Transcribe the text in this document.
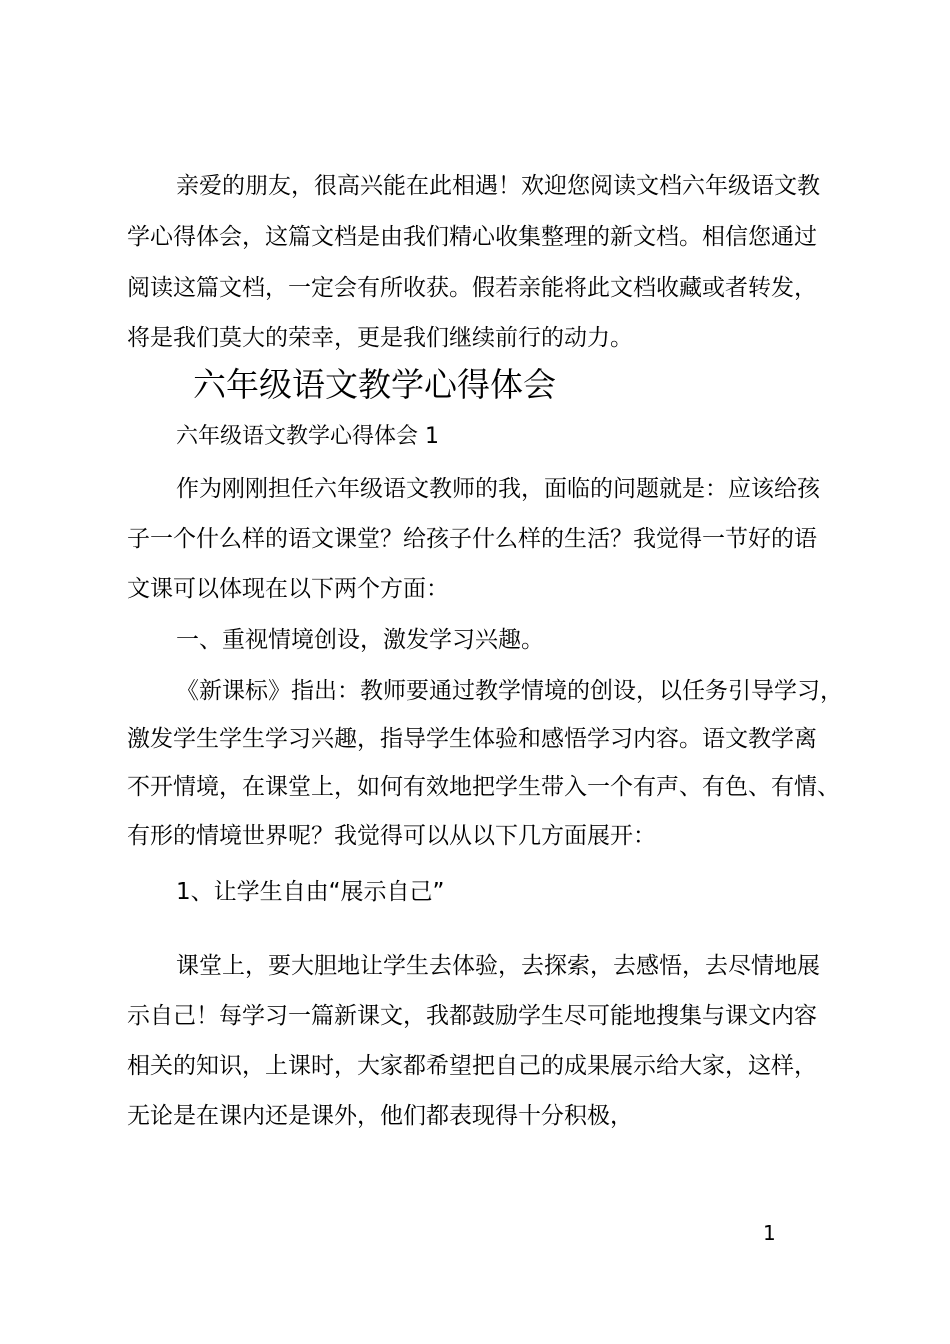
亲爱的朋友，很高兴能在此相遇！欢迎您阅读文档六年级语文教
学心得体会，这篇文档是由我们精心收集整理的新文档。相信您通过
阅读这篇文档，一定会有所收获。假若亲能将此文档收藏或者转发，
将是我们莫大的荣幸，更是我们继续前行的动力。
六年级语文教学心得体会
六年级语文教学心得体会 1
作为刚刚担任六年级语文教师的我，面临的问题就是：应该给孩
子一个什么样的语文课堂？给孩子什么样的生活？我觉得一节好的语
文课可以体现在以下两个方面：
一、重视情境创设，激发学习兴趣。
《新课标》指出：教师要通过教学情境的创设，以任务引导学习，
激发学生学生学习兴趣，指导学生体验和感悟学习内容。语文教学离
不开情境，在课堂上，如何有效地把学生带入一个有声、有色、有情、
有形的情境世界呢？我觉得可以从以下几方面展开：
1、让学生自由“展示自己”
课堂上，要大胆地让学生去体验，去探索，去感悟，去尽情地展
示自己！每学习一篇新课文，我都鼓励学生尽可能地搜集与课文内容
相关的知识，上课时，大家都希望把自己的成果展示给大家，这样，
无论是在课内还是课外，他们都表现得十分积极，
1
